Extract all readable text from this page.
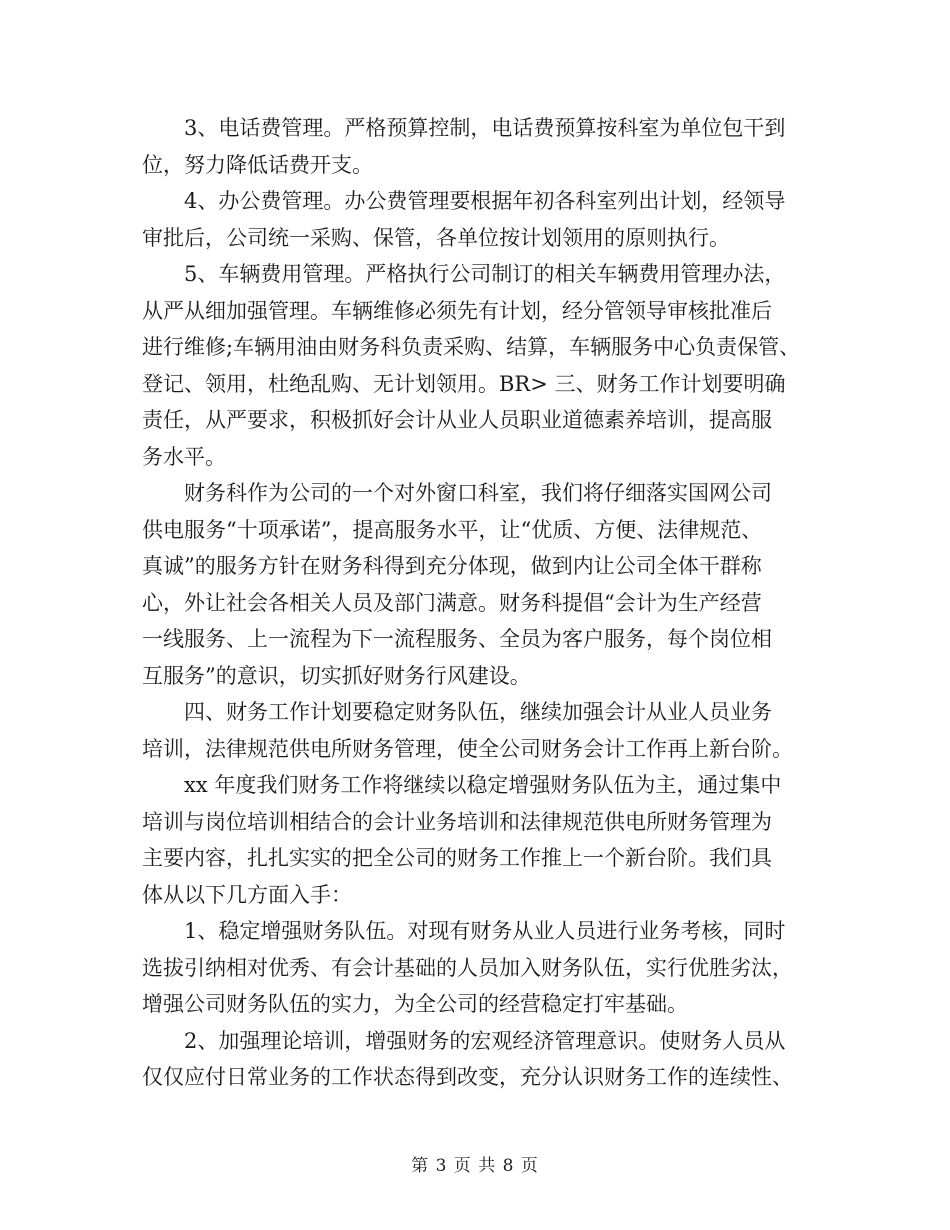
3、电话费管理。严格预算控制，电话费预算按科室为单位包干到
位，努力降低话费开支。

4、办公费管理。办公费管理要根据年初各科室列出计划，经领导
审批后，公司统一采购、保管，各单位按计划领用的原则执行。

5、车辆费用管理。严格执行公司制订的相关车辆费用管理办法，
从严从细加强管理。车辆维修必须先有计划，经分管领导审核批准后
进行维修;车辆用油由财务科负责采购、结算，车辆服务中心负责保管、
登记、领用，杜绝乱购、无计划领用。BR> 三、财务工作计划要明确
责任，从严要求，积极抓好会计从业人员职业道德素养培训，提高服
务水平。

财务科作为公司的一个对外窗口科室，我们将仔细落实国网公司
供电服务“十项承诺”，提高服务水平，让“优质、方便、法律规范、
真诚”的服务方针在财务科得到充分体现，做到内让公司全体干群称
心，外让社会各相关人员及部门满意。财务科提倡“会计为生产经营
一线服务、上一流程为下一流程服务、全员为客户服务，每个岗位相
互服务”的意识，切实抓好财务行风建设。

四、财务工作计划要稳定财务队伍，继续加强会计从业人员业务
培训，法律规范供电所财务管理，使全公司财务会计工作再上新台阶。

xx 年度我们财务工作将继续以稳定增强财务队伍为主，通过集中
培训与岗位培训相结合的会计业务培训和法律规范供电所财务管理为
主要内容，扎扎实实的把全公司的财务工作推上一个新台阶。我们具
体从以下几方面入手：

1、稳定增强财务队伍。对现有财务从业人员进行业务考核，同时
选拔引纳相对优秀、有会计基础的人员加入财务队伍，实行优胜劣汰，
增强公司财务队伍的实力，为全公司的经营稳定打牢基础。

2、加强理论培训，增强财务的宏观经济管理意识。使财务人员从
仅仅应付日常业务的工作状态得到改变，充分认识财务工作的连续性、

第 3 页 共 8 页
